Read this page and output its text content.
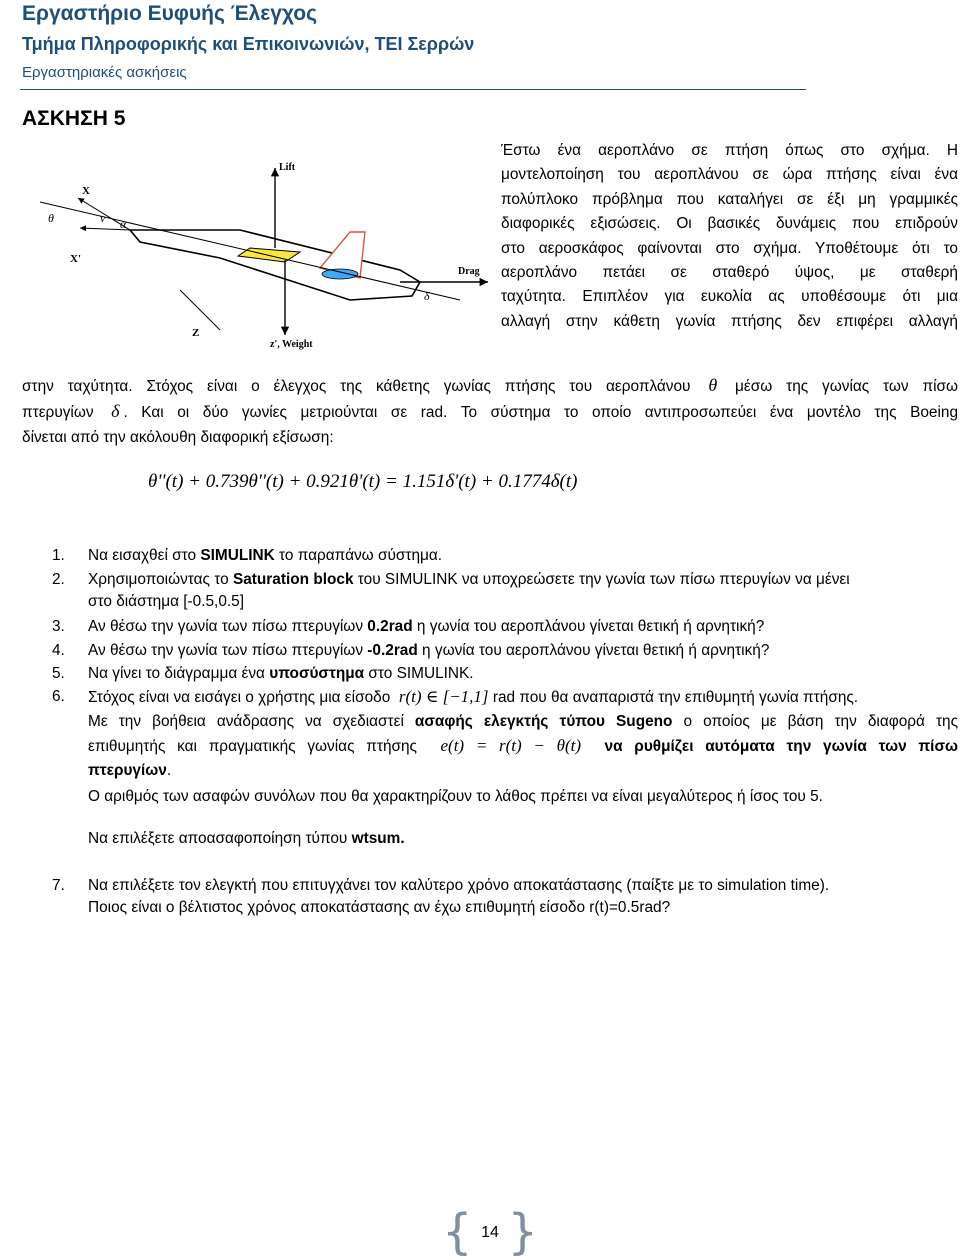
Εργαστήριο Ευφυής Έλεγχος
Τμήμα Πληροφορικής και Επικοινωνιών, ΤΕΙ Σερρών
Εργαστηριακές ασκήσεις
ΑΣΚΗΣΗ 5
Lift
Drag
z', Weight
X
X'
θ	v α
Z
δ
Έστω ένα αεροπλάνο σε πτήση όπως στο σχήμα. Η
μοντελοποίηση του αεροπλάνου σε ώρα πτήσης είναι ένα
πολύπλοκο πρόβλημα που καταλήγει σε έξι μη γραμμικές
διαφορικές εξισώσεις. Οι βασικές δυνάμεις που επιδρούν
στο αεροσκάφος φαίνονται στο σχήμα. Υποθέτουμε ότι το
αεροπλάνο πετάει σε σταθερό ύψος, με σταθερή
ταχύτητα. Επιπλέον για ευκολία ας υποθέσουμε ότι μια
αλλαγή στην κάθετη γωνία πτήσης δεν επιφέρει αλλαγή
στην ταχύτητα. Στόχος είναι ο έλεγχος της κάθετης γωνίας πτήσης του αεροπλάνου θ μέσω της γωνίας των πίσω
πτερυγίων δ . Και οι δύο γωνίες μετριούνται σε rad. Το σύστημα το οποίο αντιπροσωπεύει ένα μοντέλο της Boeing
δίνεται από την ακόλουθη διαφορική εξίσωση:
θ''(t) + 0.739θ''(t) + 0.921θ'(t) = 1.151δ'(t) + 0.1774δ(t)
1.	Να εισαχθεί στο SIMULINK το παραπάνω σύστημα.
2.	Χρησιμοποιώντας το Saturation block του SIMULINK να υποχρεώσετε την γωνία των πίσω πτερυγίων να μένει
στο διάστημα [-0.5,0.5]
3.	Αν θέσω την γωνία των πίσω πτερυγίων 0.2rad η γωνία του αεροπλάνου γίνεται θετική ή αρνητική?
4.	Αν θέσω την γωνία των πίσω πτερυγίων -0.2rad η γωνία του αεροπλάνου γίνεται θετική ή αρνητική?
5.	Να γίνει το διάγραμμα ένα υποσύστημα στο SIMULINK.
6.	Στόχος είναι να εισάγει ο χρήστης μια είσοδο r(t) ∈ [−1,1] rad που θα αναπαριστά την επιθυμητή γωνία πτήσης.
Με την βοήθεια ανάδρασης να σχεδιαστεί ασαφής ελεγκτής τύπου Sugeno ο οποίος με βάση την διαφορά της
επιθυμητής και πραγματικής γωνίας πτήσης e(t) = r(t) − θ(t) να ρυθμίζει αυτόματα την γωνία των πίσω
πτερυγίων.
Ο αριθμός των ασαφών συνόλων που θα χαρακτηρίζουν το λάθος πρέπει να είναι μεγαλύτερος ή ίσος του 5.
Να επιλέξετε αποασαφοποίηση τύπου wtsum.
7.	Να επιλέξετε τον ελεγκτή που επιτυγχάνει τον καλύτερο χρόνο αποκατάστασης (παίξτε με το simulation time).
Ποιος είναι ο βέλτιστος χρόνος αποκατάστασης αν έχω επιθυμητή είσοδο r(t)=0.5rad?
{ 14 }
